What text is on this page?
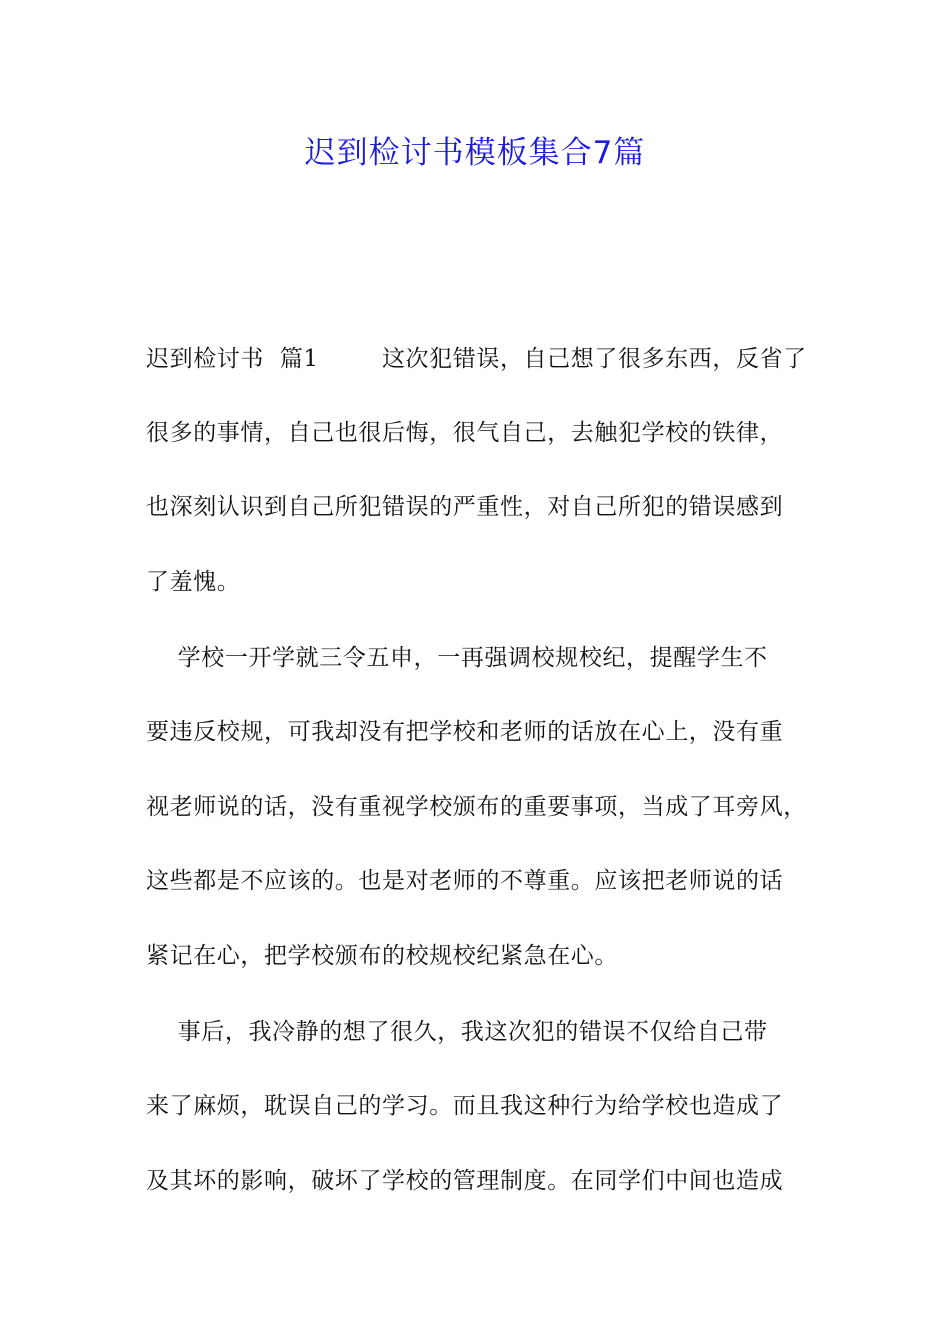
迟到检讨书模板集合7篇
迟到检讨书  篇1        这次犯错误，自己想了很多东西，反省了
很多的事情，自己也很后悔，很气自己，去触犯学校的铁律，
也深刻认识到自己所犯错误的严重性，对自己所犯的错误感到
了羞愧。
学校一开学就三令五申，一再强调校规校纪，提醒学生不
要违反校规，可我却没有把学校和老师的话放在心上，没有重
视老师说的话，没有重视学校颁布的重要事项，当成了耳旁风，
这些都是不应该的。也是对老师的不尊重。应该把老师说的话
紧记在心，把学校颁布的校规校纪紧急在心。
事后，我冷静的想了很久，我这次犯的错误不仅给自己带
来了麻烦，耽误自己的学习。而且我这种行为给学校也造成了
及其坏的影响，破坏了学校的管理制度。在同学们中间也造成
